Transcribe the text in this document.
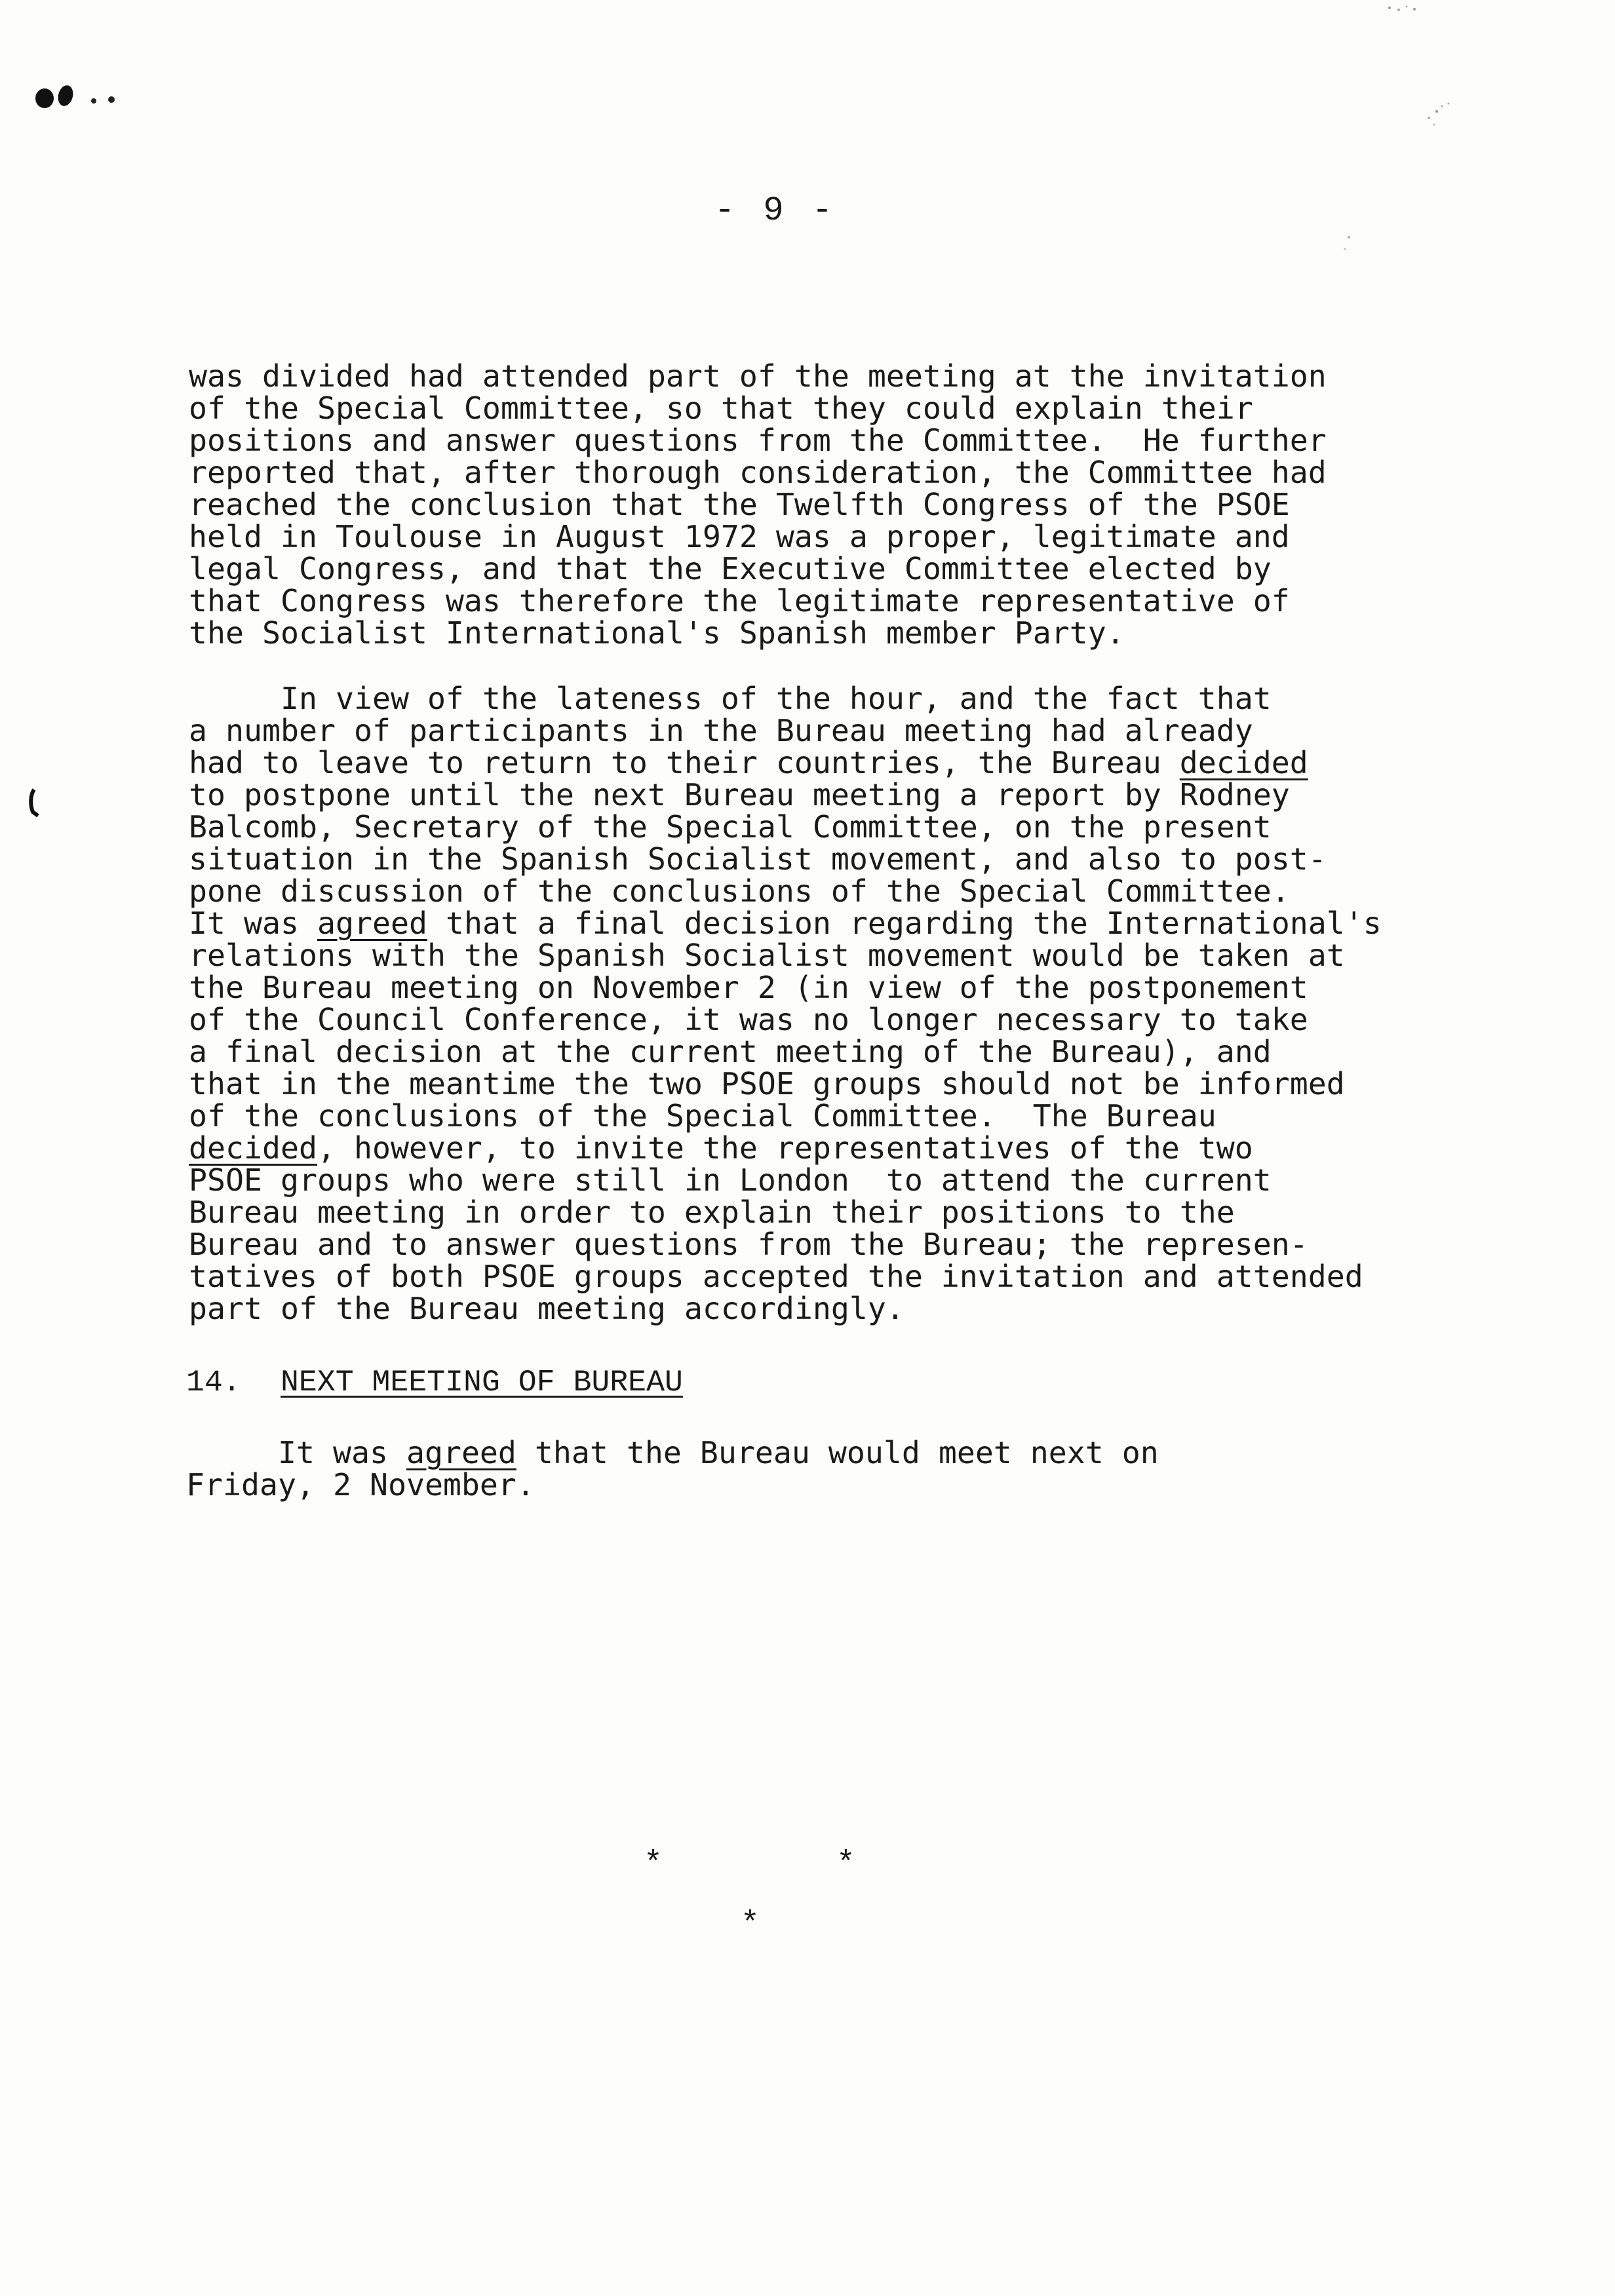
- 9 -
was divided had attended part of the meeting at the invitation
of the Special Committee, so that they could explain their
positions and answer questions from the Committee.  He further
reported that, after thorough consideration, the Committee had
reached the conclusion that the Twelfth Congress of the PSOE
held in Toulouse in August 1972 was a proper, legitimate and
legal Congress, and that the Executive Committee elected by
that Congress was therefore the legitimate representative of
the Socialist International's Spanish member Party.
In view of the lateness of the hour, and the fact that
a number of participants in the Bureau meeting had already
had to leave to return to their countries, the Bureau decided
to postpone until the next Bureau meeting a report by Rodney
Balcomb, Secretary of the Special Committee, on the present
situation in the Spanish Socialist movement, and also to post-
pone discussion of the conclusions of the Special Committee.
It was agreed that a final decision regarding the International's
relations with the Spanish Socialist movement would be taken at
the Bureau meeting on November 2 (in view of the postponement
of the Council Conference, it was no longer necessary to take
a final decision at the current meeting of the Bureau), and
that in the meantime the two PSOE groups should not be informed
of the conclusions of the Special Committee.  The Bureau
decided, however, to invite the representatives of the two
PSOE groups who were still in London  to attend the current
Bureau meeting in order to explain their positions to the
Bureau and to answer questions from the Bureau; the represen-
tatives of both PSOE groups accepted the invitation and attended
part of the Bureau meeting accordingly.
14. NEXT MEETING OF BUREAU
It was agreed that the Bureau would meet next on
Friday, 2 November.
*	*
*
